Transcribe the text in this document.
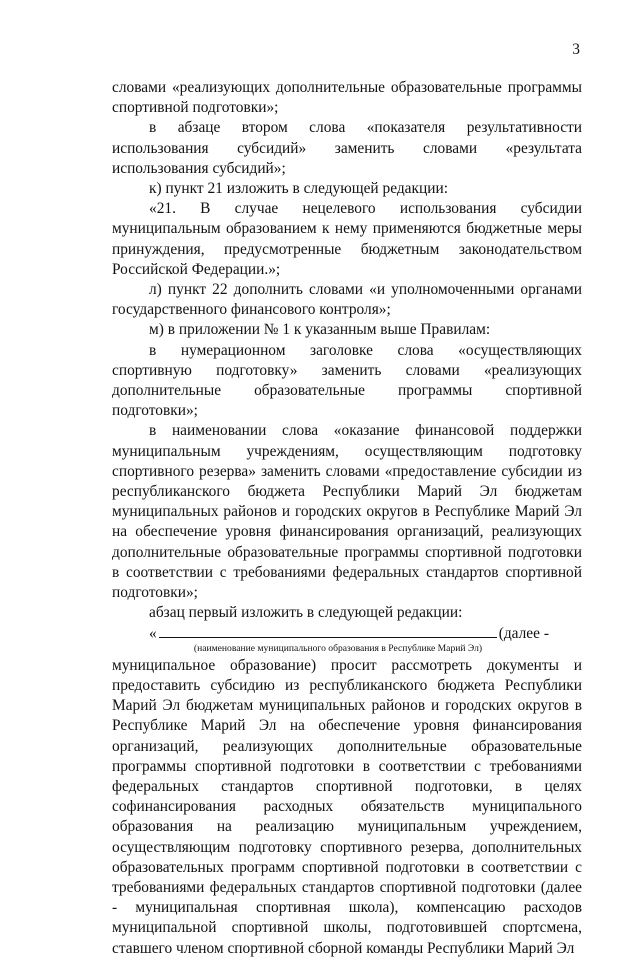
3

словами «реализующих дополнительные образовательные программы спортивной подготовки»;

в абзаце втором слова «показателя результативности использования субсидий» заменить словами «результата использования субсидий»;

к) пункт 21 изложить в следующей редакции:

«21. В случае нецелевого использования субсидии муниципальным образованием к нему применяются бюджетные меры принуждения, предусмотренные бюджетным законодательством Российской Федерации.»;

л) пункт 22 дополнить словами «и уполномоченными органами государственного финансового контроля»;

м) в приложении № 1 к указанным выше Правилам:

в нумерационном заголовке слова «осуществляющих спортивную подготовку» заменить словами «реализующих дополнительные образовательные программы спортивной подготовки»;

в наименовании слова «оказание финансовой поддержки муниципальным учреждениям, осуществляющим подготовку спортивного резерва» заменить словами «предоставление субсидии из республиканского бюджета Республики Марий Эл бюджетам муниципальных районов и городских округов в Республике Марий Эл на обеспечение уровня финансирования организаций, реализующих дополнительные образовательные программы спортивной подготовки в соответствии с требованиями федеральных стандартов спортивной подготовки»;

абзац первый изложить в следующей редакции:

«	(далее -

(наименование муниципального образования в Республике Марий Эл)

муниципальное образование) просит рассмотреть документы и предоставить субсидию из республиканского бюджета Республики Марий Эл бюджетам муниципальных районов и городских округов в Республике Марий Эл на обеспечение уровня финансирования организаций, реализующих дополнительные образовательные программы спортивной подготовки в соответствии с требованиями федеральных стандартов спортивной подготовки, в целях софинансирования расходных обязательств муниципального образования на реализацию муниципальным учреждением, осуществляющим подготовку спортивного резерва, дополнительных образовательных программ спортивной подготовки в соответствии с требованиями федеральных стандартов спортивной подготовки (далее - муниципальная спортивная школа), компенсацию расходов муниципальной спортивной школы, подготовившей спортсмена, ставшего членом спортивной сборной команды Республики Марий Эл
